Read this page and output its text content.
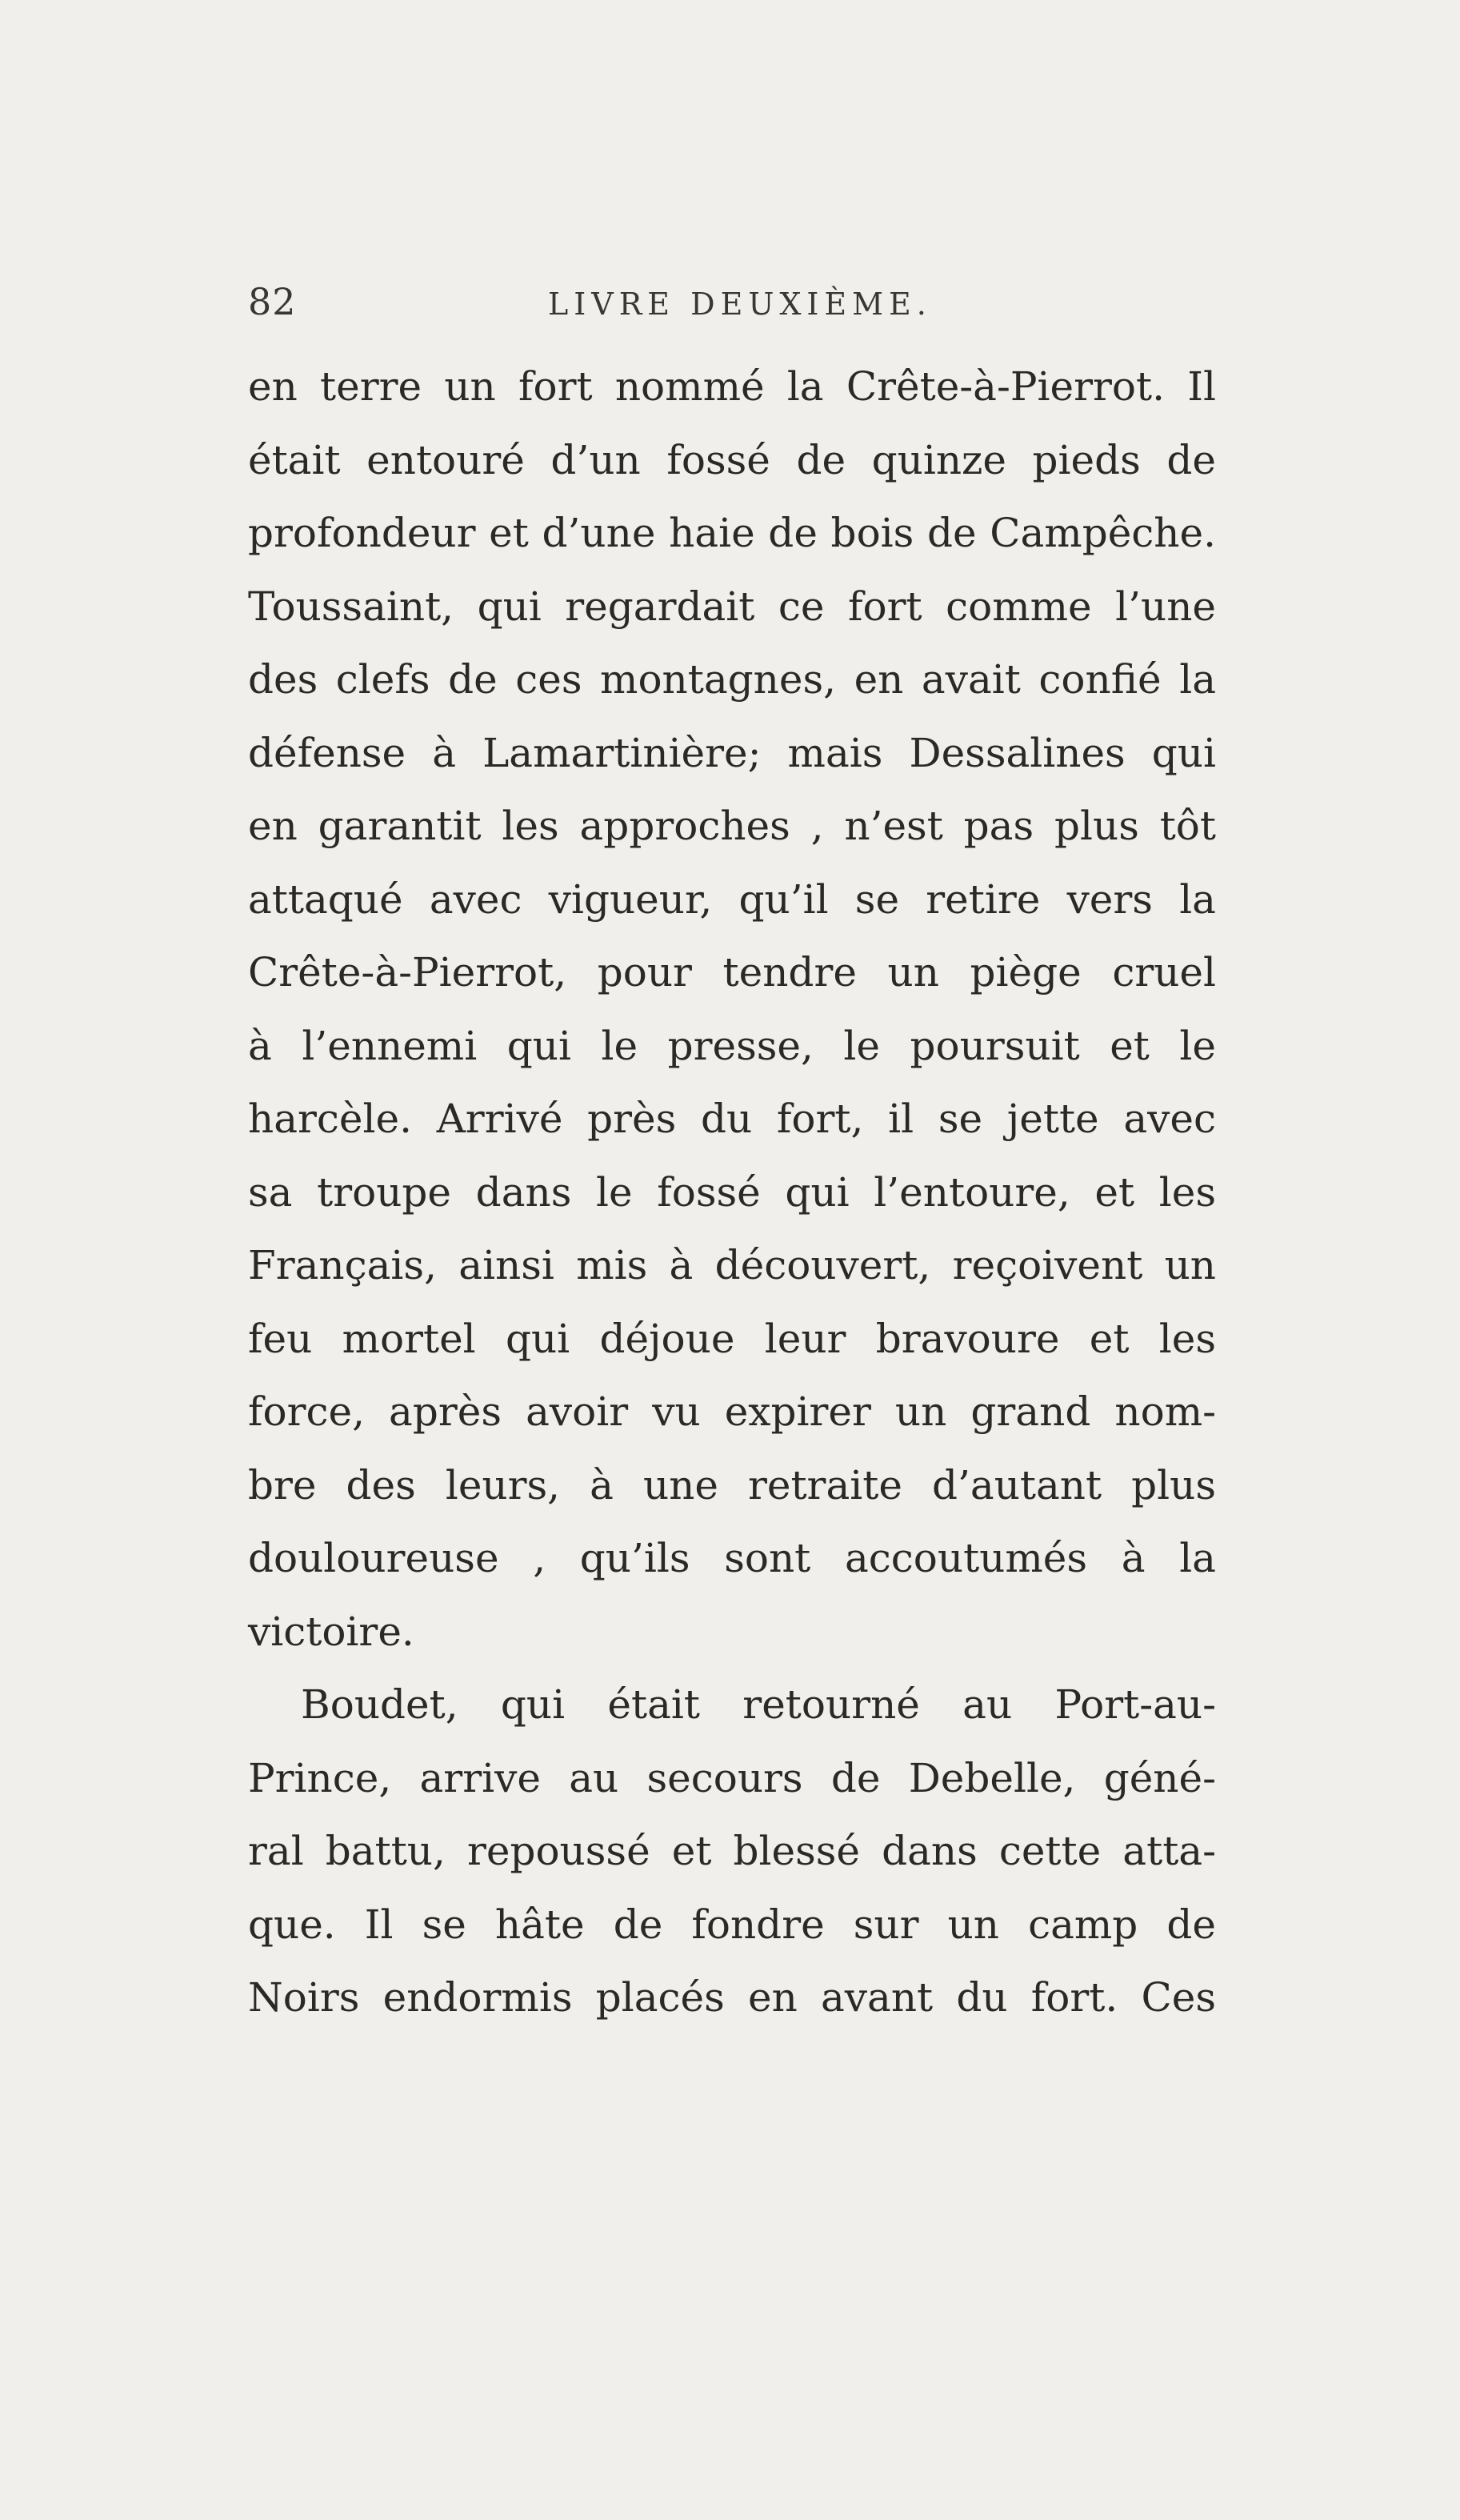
82	LIVRE DEUXIÈME.
en terre un fort nommé la Crête-à-Pierrot. Il
était entouré d’un fossé de quinze pieds de
profondeur et d’une haie de bois de Campêche.
Toussaint, qui regardait ce fort comme l’une
des clefs de ces montagnes, en avait confié la
défense à Lamartinière; mais Dessalines qui
en garantit les approches , n’est pas plus tôt
attaqué avec vigueur, qu’il se retire vers la
Crête-à-Pierrot, pour tendre un piège cruel
à l’ennemi qui le presse, le poursuit et le
harcèle. Arrivé près du fort, il se jette avec
sa troupe dans le fossé qui l’entoure, et les
Français, ainsi mis à découvert, reçoivent un
feu mortel qui déjoue leur bravoure et les
force, après avoir vu expirer un grand nom-
bre des leurs, à une retraite d’autant plus
douloureuse , qu’ils sont accoutumés à la
victoire.
Boudet, qui était retourné au Port-au-
Prince, arrive au secours de Debelle, géné-
ral battu, repoussé et blessé dans cette atta-
que. Il se hâte de fondre sur un camp de
Noirs endormis placés en avant du fort. Ces
